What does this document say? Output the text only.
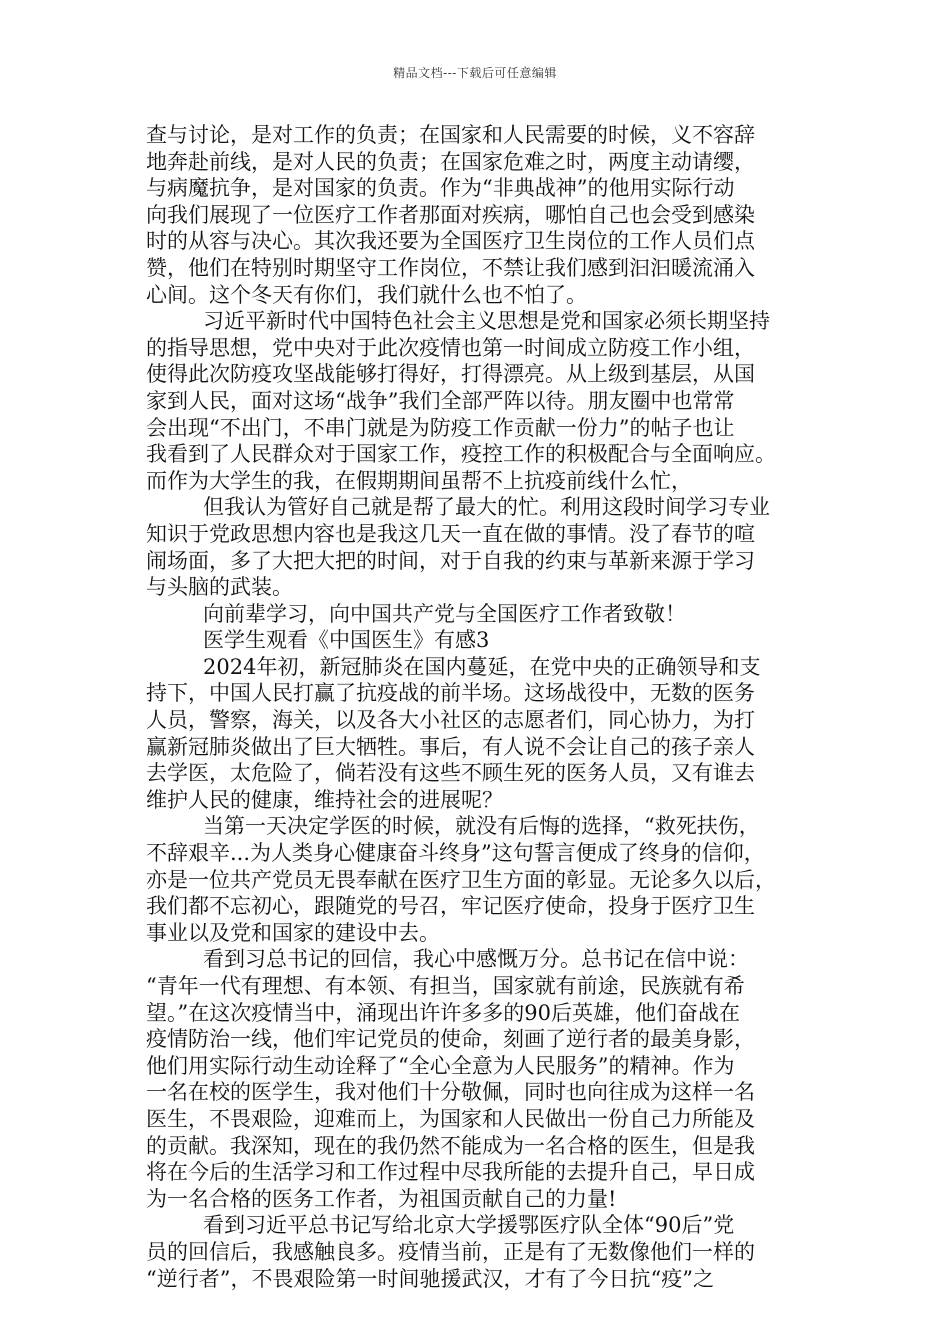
精品文档---下载后可任意编辑
查与讨论，是对工作的负责；在国家和人民需要的时候，义不容辞
地奔赴前线，是对人民的负责；在国家危难之时，两度主动请缨，
与病魔抗争，是对国家的负责。作为“非典战神”的他用实际行动
向我们展现了一位医疗工作者那面对疾病，哪怕自己也会受到感染
时的从容与决心。其次我还要为全国医疗卫生岗位的工作人员们点
赞，他们在特别时期坚守工作岗位，不禁让我们感到汩汩暖流涌入
心间。这个冬天有你们，我们就什么也不怕了。
习近平新时代中国特色社会主义思想是党和国家必须长期坚持
的指导思想，党中央对于此次疫情也第一时间成立防疫工作小组，
使得此次防疫攻坚战能够打得好，打得漂亮。从上级到基层，从国
家到人民，面对这场“战争”我们全部严阵以待。朋友圈中也常常
会出现“不出门，不串门就是为防疫工作贡献一份力”的帖子也让
我看到了人民群众对于国家工作，疫控工作的积极配合与全面响应。
而作为大学生的我，在假期期间虽帮不上抗疫前线什么忙，
但我认为管好自己就是帮了最大的忙。利用这段时间学习专业
知识于党政思想内容也是我这几天一直在做的事情。没了春节的喧
闹场面，多了大把大把的时间，对于自我的约束与革新来源于学习
与头脑的武装。
向前辈学习，向中国共产党与全国医疗工作者致敬！
医学生观看《中国医生》有感3
2024年初，新冠肺炎在国内蔓延，在党中央的正确领导和支
持下，中国人民打赢了抗疫战的前半场。这场战役中，无数的医务
人员，警察，海关，以及各大小社区的志愿者们，同心协力，为打
赢新冠肺炎做出了巨大牺牲。事后，有人说不会让自己的孩子亲人
去学医，太危险了，倘若没有这些不顾生死的医务人员，又有谁去
维护人民的健康，维持社会的进展呢？
当第一天决定学医的时候，就没有后悔的选择，“救死扶伤，
不辞艰辛...为人类身心健康奋斗终身”这句誓言便成了终身的信仰，
亦是一位共产党员无畏奉献在医疗卫生方面的彰显。无论多久以后，
我们都不忘初心，跟随党的号召，牢记医疗使命，投身于医疗卫生
事业以及党和国家的建设中去。
看到习总书记的回信，我心中感慨万分。总书记在信中说：
“青年一代有理想、有本领、有担当，国家就有前途，民族就有希
望。”在这次疫情当中，涌现出许许多多的90后英雄，他们奋战在
疫情防治一线，他们牢记党员的使命，刻画了逆行者的最美身影，
他们用实际行动生动诠释了“全心全意为人民服务”的精神。作为
一名在校的医学生，我对他们十分敬佩，同时也向往成为这样一名
医生，不畏艰险，迎难而上，为国家和人民做出一份自己力所能及
的贡献。我深知，现在的我仍然不能成为一名合格的医生，但是我
将在今后的生活学习和工作过程中尽我所能的去提升自己，早日成
为一名合格的医务工作者，为祖国贡献自己的力量!
看到习近平总书记写给北京大学援鄂医疗队全体“90后”党
员的回信后，我感触良多。疫情当前，正是有了无数像他们一样的
“逆行者”，不畏艰险第一时间驰援武汉，才有了今日抗“疫”之
